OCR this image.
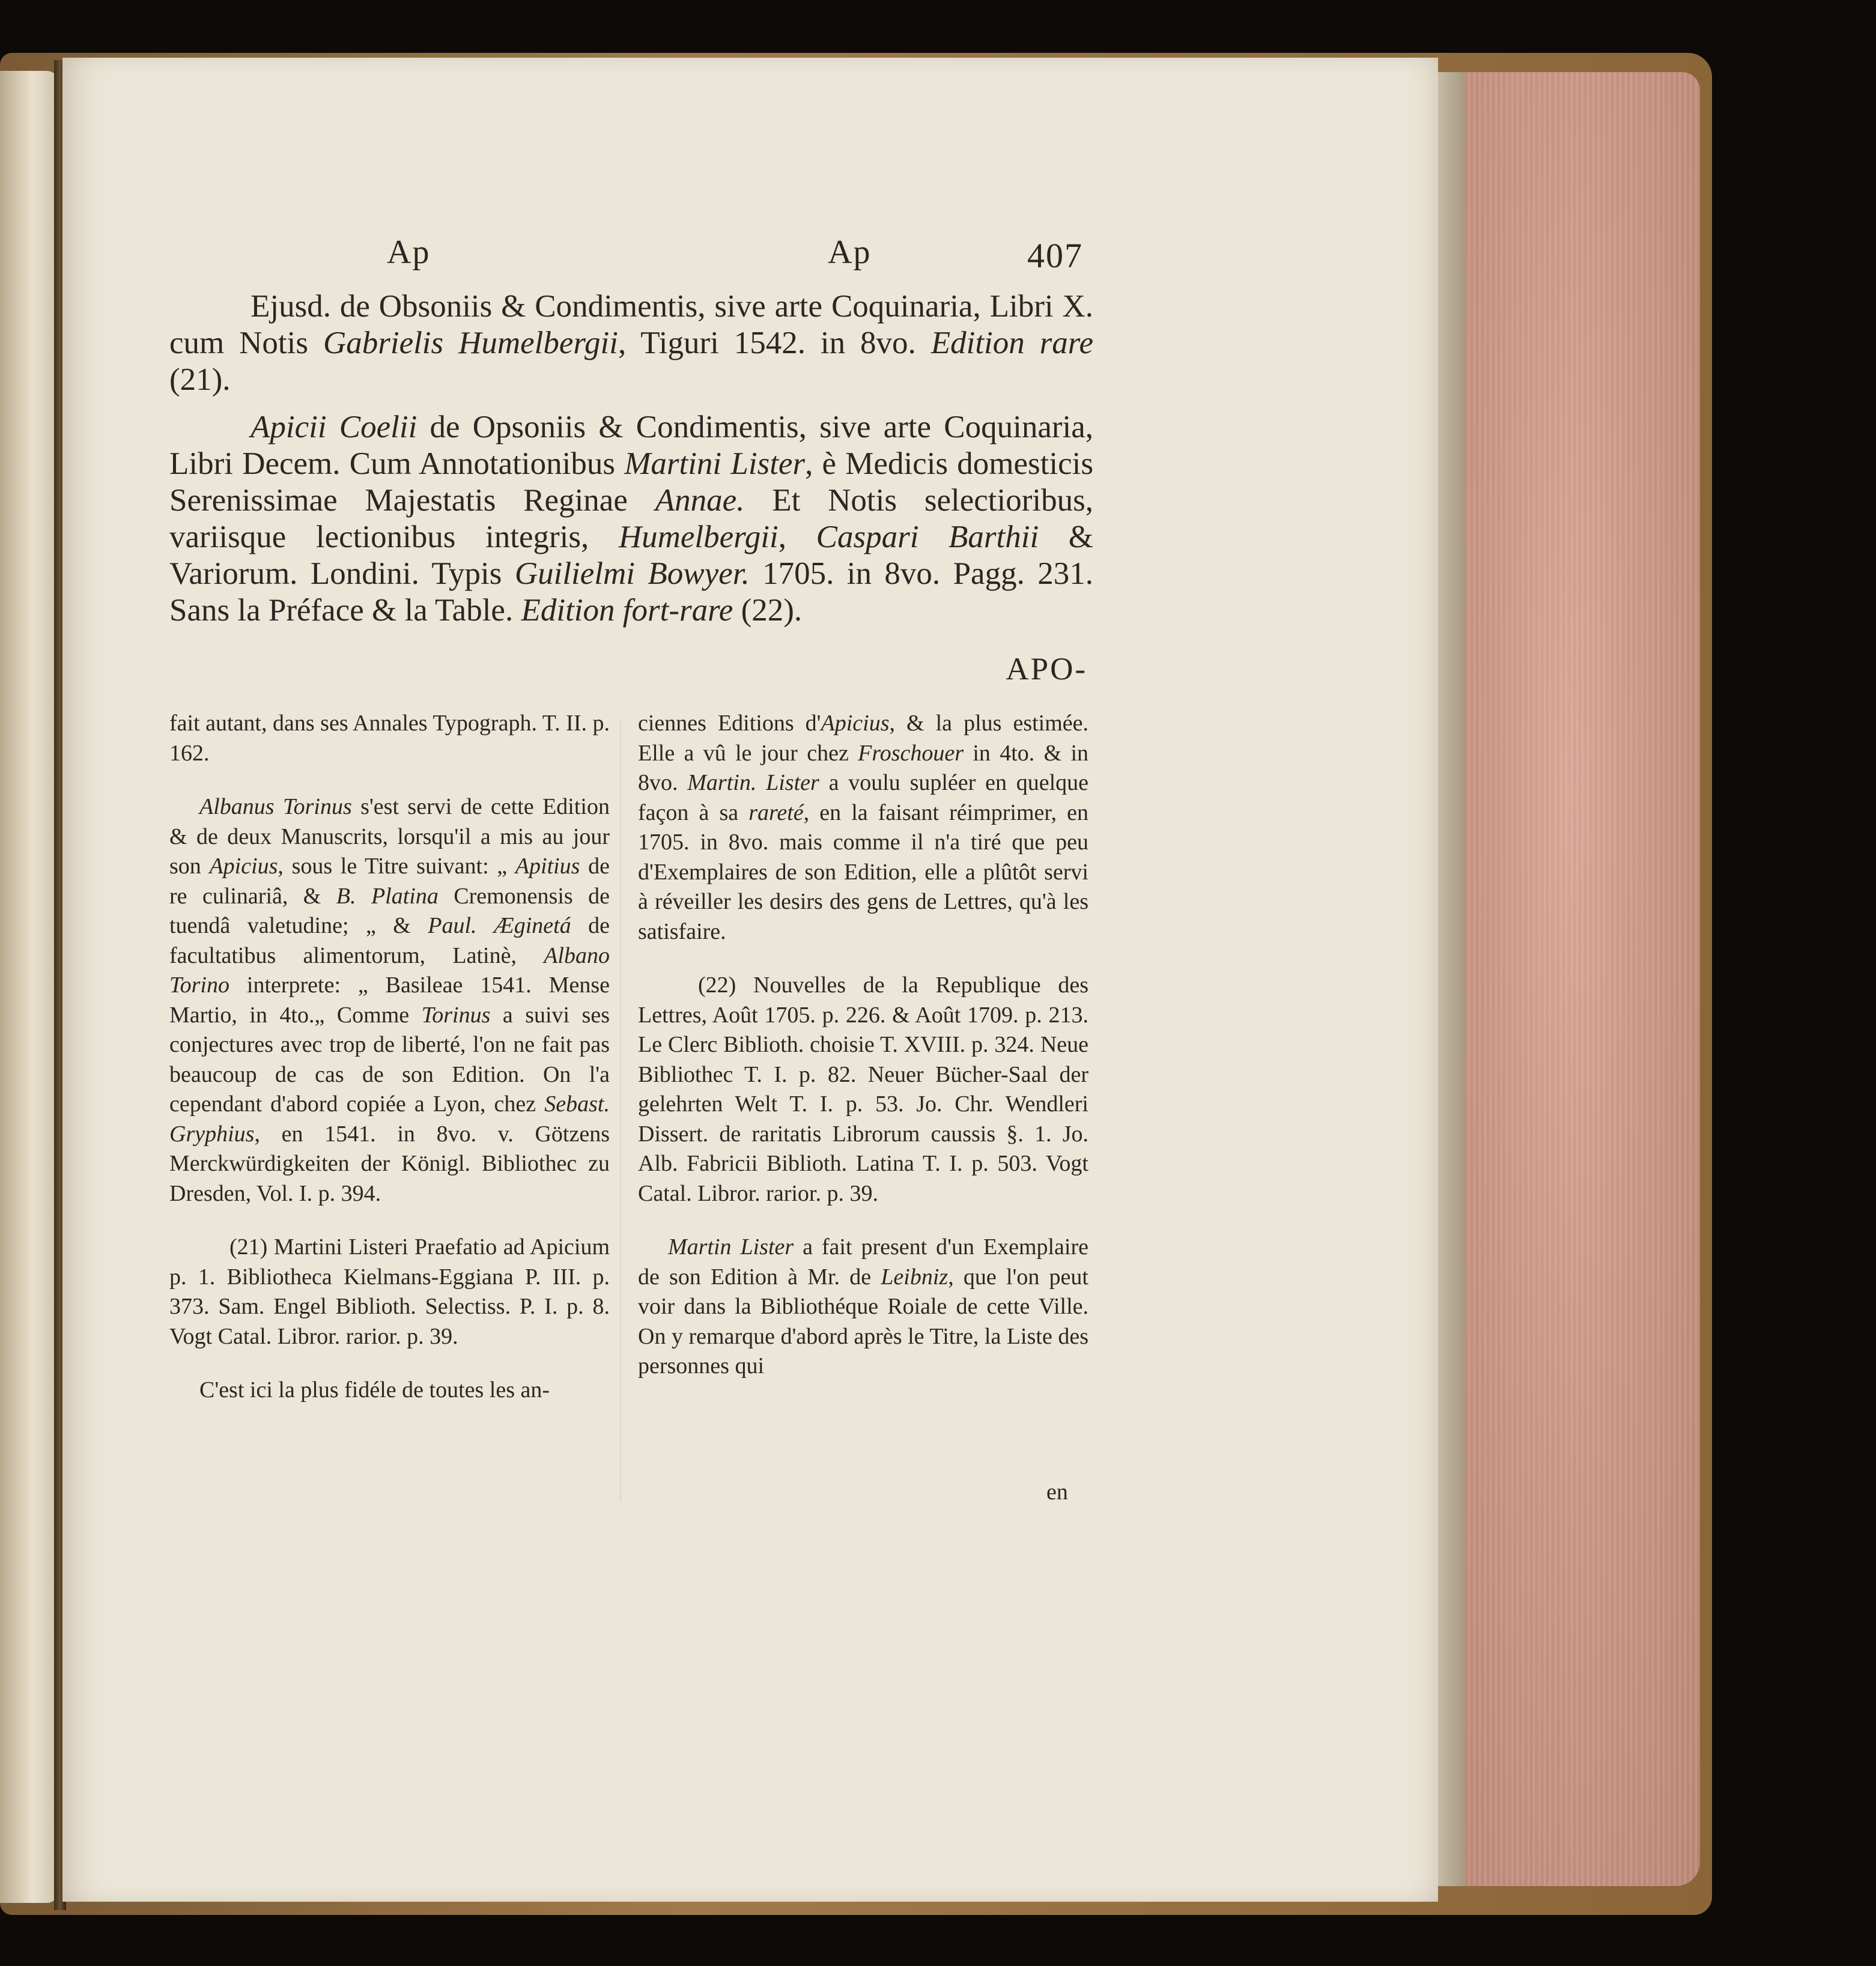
Ap	Ap	407

Ejusd. de Obsoniis & Condimentis, sive arte Coquinaria, Libri X. cum Notis Gabrielis Humelbergii, Tiguri 1542. in 8vo. Edition rare (21).

Apicii Coelii de Opsoniis & Condimentis, sive arte Coquinaria, Libri Decem. Cum Annotationibus Martini Lister, è Medicis domesticis Serenissimae Majestatis Reginae Annae. Et Notis selectioribus, variisque lectionibus integris, Humelbergii, Caspari Barthii & Variorum. Londini. Typis Guilielmi Bowyer. 1705. in 8vo. Pagg. 231. Sans la Préface & la Table. Edition fort-rare (22).

APO-

fait autant, dans ses Annales Typograph. T. II. p. 162.

Albanus Torinus s'est servi de cette Edition & de deux Manuscrits, lorsqu'il a mis au jour son Apicius, sous le Titre suivant: „ Apitius de re culinariâ, & B. Platina Cremonensis de tuendâ valetudine; „ & Paul. Æginetá de facultatibus alimentorum, Latinè, Albano Torino interprete: „ Basileae 1541. Mense Martio, in 4to.„ Comme Torinus a suivi ses conjectures avec trop de liberté, l'on ne fait pas beaucoup de cas de son Edition. On l'a cependant d'abord copiée a Lyon, chez Sebast. Gryphius, en 1541. in 8vo. v. Götzens Merckwürdigkeiten der Königl. Bibliothec zu Dresden, Vol. I. p. 394.

(21) Martini Listeri Praefatio ad Apicium p. 1. Bibliotheca Kielmans-Eggiana P. III. p. 373. Sam. Engel Biblioth. Selectiss. P. I. p. 8. Vogt Catal. Libror. rarior. p. 39.

C'est ici la plus fidéle de toutes les an-

ciennes Editions d'Apicius, & la plus estimée. Elle a vû le jour chez Froschouer in 4to. & in 8vo. Martin. Lister a voulu supléer en quelque façon à sa rareté, en la faisant réimprimer, en 1705. in 8vo. mais comme il n'a tiré que peu d'Exemplaires de son Edition, elle a plûtôt servi à réveiller les desirs des gens de Lettres, qu'à les satisfaire.

(22) Nouvelles de la Republique des Lettres, Août 1705. p. 226. & Août 1709. p. 213. Le Clerc Biblioth. choisie T. XVIII. p. 324. Neue Bibliothec T. I. p. 82. Neuer Bücher-Saal der gelehrten Welt T. I. p. 53. Jo. Chr. Wendleri Dissert. de raritatis Librorum caussis §. 1. Jo. Alb. Fabricii Biblioth. Latina T. I. p. 503. Vogt Catal. Libror. rarior. p. 39.

Martin Lister a fait present d'un Exemplaire de son Edition à Mr. de Leibniz, que l'on peut voir dans la Bibliothéque Roiale de cette Ville. On y remarque d'abord après le Titre, la Liste des personnes qui

en
